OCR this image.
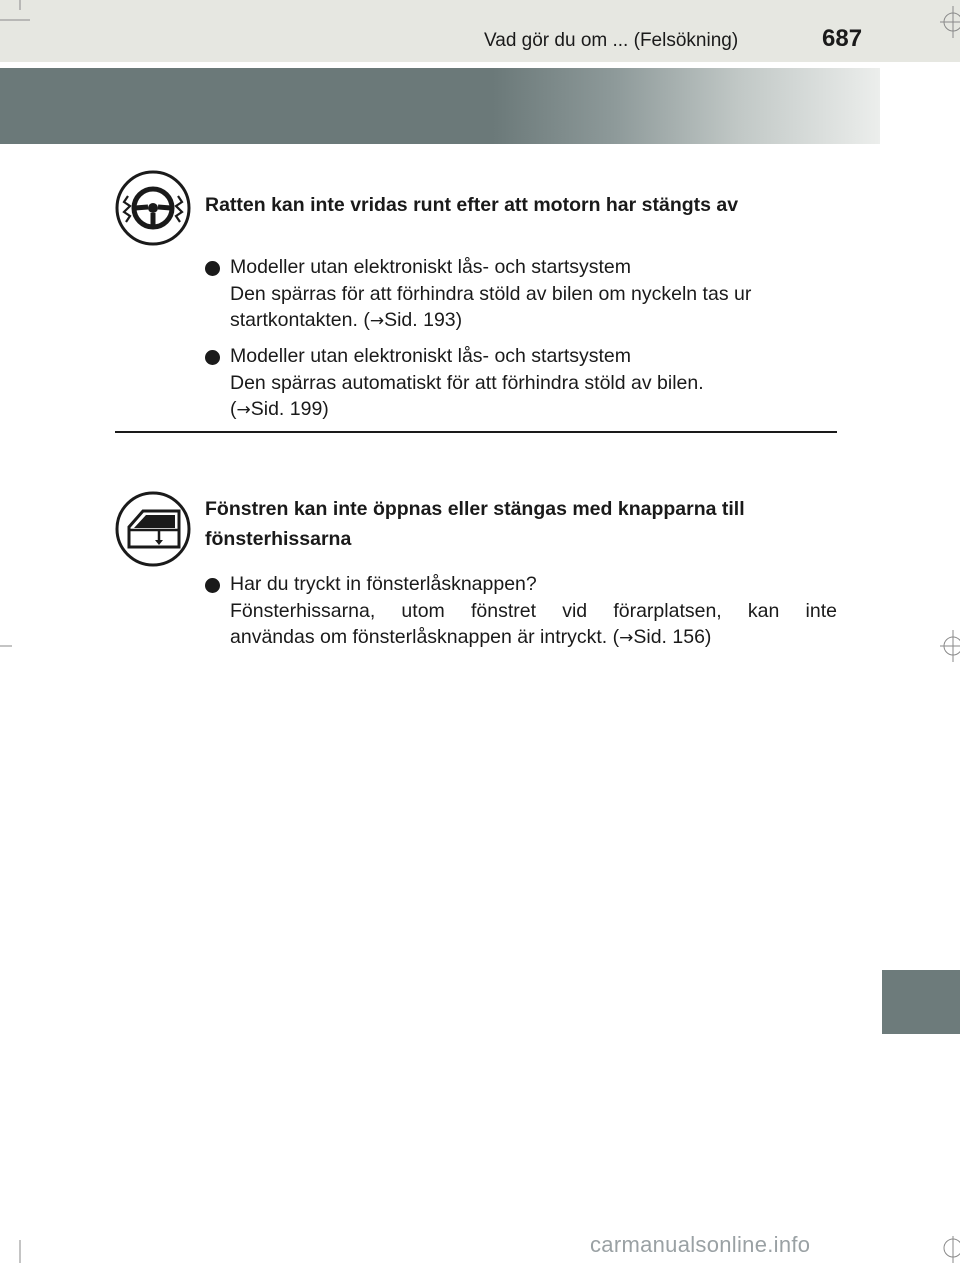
Vad gör du om ... (Felsökning)	687
Ratten kan inte vridas runt efter att motorn har stängts av
Modeller utan elektroniskt lås- och startsystem
Den spärras för att förhindra stöld av bilen om nyckeln tas ur
startkontakten. (→Sid. 193)
Modeller utan elektroniskt lås- och startsystem
Den spärras automatiskt för att förhindra stöld av bilen.
(→Sid. 199)
Fönstren kan inte öppnas eller stängas med knapparna till
fönsterhissarna
Har du tryckt in fönsterlåsknappen?
Fönsterhissarna, utom fönstret vid förarplatsen, kan inte
användas om fönsterlåsknappen är intryckt. (→Sid. 156)
carmanualsonline.info
